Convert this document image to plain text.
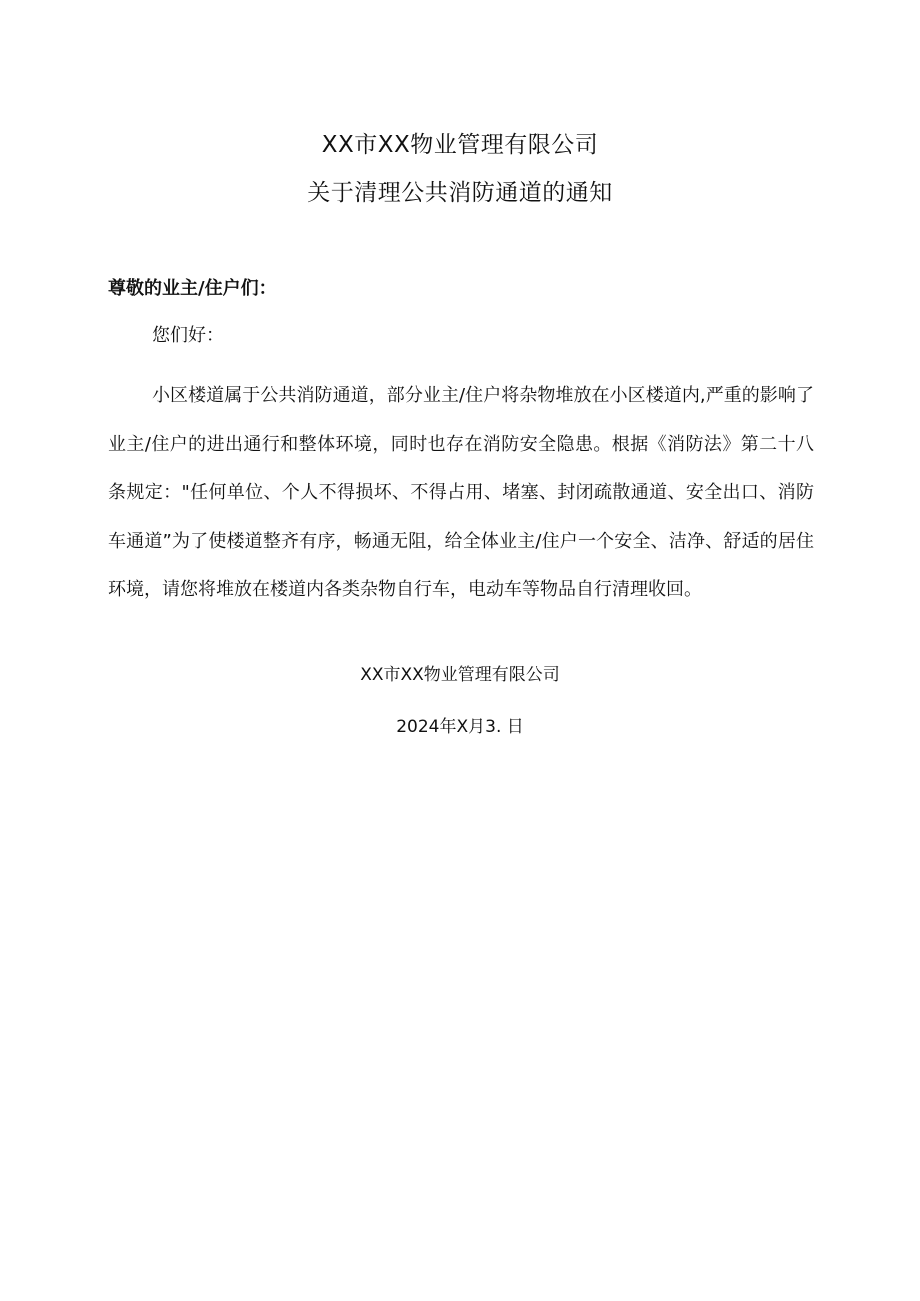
XX市XX物业管理有限公司
关于清理公共消防通道的通知
尊敬的业主/住户们：
您们好：

小区楼道属于公共消防通道，部分业主/住户将杂物堆放在小区楼道内,严重的影响了业主/住户的进出通行和整体环境，同时也存在消防安全隐患。根据《消防法》第二十八条规定："任何单位、个人不得损坏、不得占用、堵塞、封闭疏散通道、安全出口、消防车通道”为了使楼道整齐有序，畅通无阻，给全体业主/住户一个安全、洁净、舒适的居住环境，请您将堆放在楼道内各类杂物自行车，电动车等物品自行清理收回。

XX市XX物业管理有限公司
2024年X月3. 日
